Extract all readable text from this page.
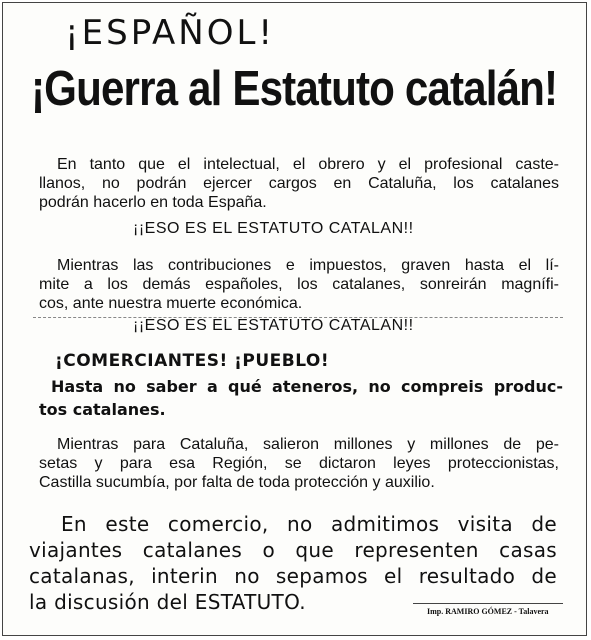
¡ESPAÑOL!
¡Guerra al Estatuto catalán!
En tanto que el intelectual, el obrero y el profesional caste-
llanos, no podrán ejercer cargos en Cataluña, los catalanes
podrán hacerlo en toda España.
¡¡ESO ES EL ESTATUTO CATALAN!!
Mientras las contribuciones e impuestos, graven hasta el lí-
mite a los demás españoles, los catalanes, sonreirán magnífi-
cos, ante nuestra muerte económica.
¡¡ESO ES EL ESTATUTO CATALAN!!
¡COMERCIANTES! ¡PUEBLO!
Hasta no saber a qué ateneros, no compreis produc-
tos catalanes.
Mientras para Cataluña, salieron millones y millones de pe-
setas y para esa Región, se dictaron leyes proteccionistas,
Castilla sucumbía, por falta de toda protección y auxilio.
En este comercio, no admitimos visita de
viajantes catalanes o que representen casas
catalanas, interin no sepamos el resultado de
la discusión del ESTATUTO.	Imp. RAMIRO GÓMEZ - Talavera
